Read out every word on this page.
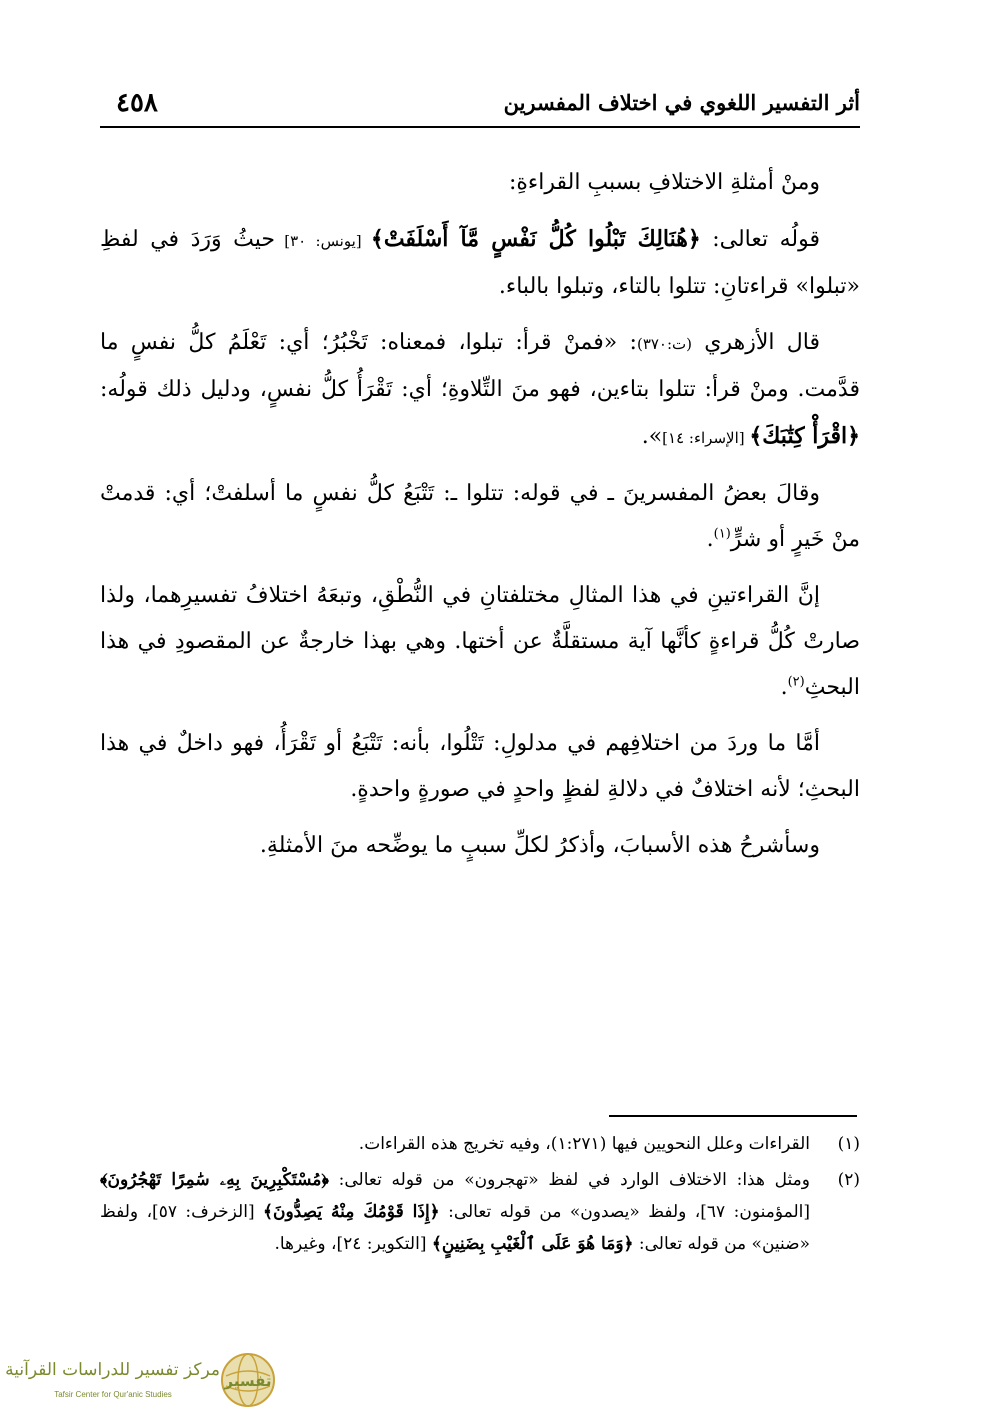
أثر التفسير اللغوي في اختلاف المفسرين
٤٥٨

ومنْ أمثلةِ الاختلافِ بسببِ القراءةِ:

قولُه تعالى: ﴿هُنَالِكَ تَبْلُوا كُلُّ نَفْسٍ مَّآ أَسْلَفَتْ﴾ [يونس: ٣٠] حيثُ وَرَدَ في لفظِ «تبلوا» قراءتانِ: تتلوا بالتاء، وتبلوا بالباء.

قال الأزهري (ت:٣٧٠): «فمنْ قرأ: تبلوا، فمعناه: تَخْبُرُ؛ أي: تَعْلَمُ كلُّ نفسٍ ما قدَّمت. ومنْ قرأ: تتلوا بتاءين، فهو منَ التِّلاوةِ؛ أي: تَقْرَأُ كلُّ نفسٍ، ودليل ذلك قولُه: ﴿اقْرَأْ كِتَٰبَكَ﴾ [الإسراء: ١٤]».

وقالَ بعضُ المفسرينَ ـ في قوله: تتلوا ـ: تَتْبَعُ كلُّ نفسٍ ما أسلفتْ؛ أي: قدمتْ منْ خَيرٍ أو شرٍّ$^{(١)}$.

إنَّ القراءتينِ في هذا المثالِ مختلفتانِ في النُّطْقِ، وتبعَهُ اختلافُ تفسيرِهما، ولذا صارتْ كُلُّ قراءةٍ كأنَّها آية مستقلَّةٌ عن أختها. وهي بهذا خارجةٌ عن المقصودِ في هذا البحثِ$^{(٢)}$.

أمَّا ما وردَ من اختلافِهم في مدلولِ: تَتْلُوا، بأنه: تَتْبَعُ أو تَقْرَأُ، فهو داخلٌ في هذا البحثِ؛ لأنه اختلافٌ في دلالةِ لفظٍ واحدٍ في صورةٍ واحدةٍ.

وسأشرحُ هذه الأسبابَ، وأذكرُ لكلِّ سببٍ ما يوضِّحه منَ الأمثلةِ.

(١)
القراءات وعلل النحويين فيها (١:٢٧١)، وفيه تخريج هذه القراءات.
(٢)
ومثل هذا: الاختلاف الوارد في لفظ «تهجرون» من قوله تعالى: ﴿مُسْتَكْبِرِينَ بِهِۦ سَٰمِرًا تَهْجُرُونَ﴾ [المؤمنون: ٦٧]، ولفظ «يصدون» من قوله تعالى: ﴿إِذَا قَوْمُكَ مِنْهُ يَصِدُّونَ﴾ [الزخرف: ٥٧]، ولفظ «ضنين» من قوله تعالى: ﴿وَمَا هُوَ عَلَى ٱلْغَيْبِ بِضَنِينٍ﴾ [التكوير: ٢٤]، وغيرها.
مركز تفسير للدراسات القرآنية
Tafsir Center for Qur'anic Studies
تفسير
